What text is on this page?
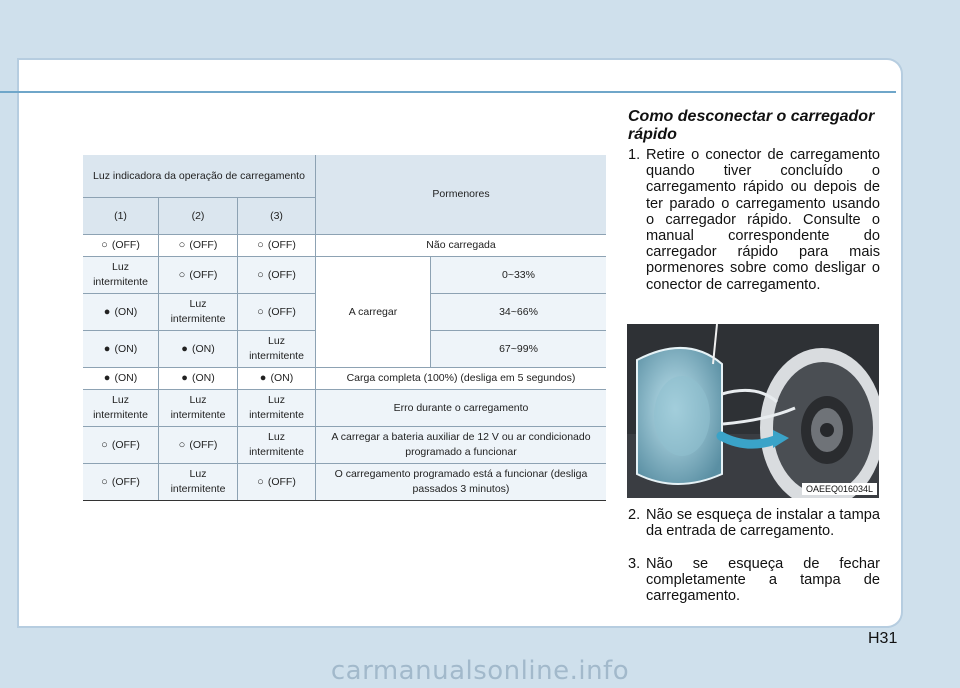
Luz indicadora da operação de carregamento			Pormenores	
(1)	(2)	(3)		
○ (OFF)	○ (OFF)	○ (OFF)	Não carregada	
Luz intermitente	○ (OFF)	○ (OFF)	A carregar	0~33%
● (ON)	Luz intermitente	○ (OFF)		34~66%
● (ON)	● (ON)	Luz intermitente		67~99%
● (ON)	● (ON)	● (ON)	Carga completa (100%) (desliga em 5 segundos)	
Luz intermitente	Luz intermitente	Luz intermitente	Erro durante o carregamento	
○ (OFF)	○ (OFF)	Luz intermitente	A carregar a bateria auxiliar de 12 V ou ar condicionado programado a funcionar	
○ (OFF)	Luz intermitente	○ (OFF)	O carregamento programado está a funcionar (desliga passados 3 minutos)	
Como desconectar o carregador rápido
1. Retire o conector de carregamento quando tiver concluído o carregamento rápido ou depois de ter parado o carregamento usando o carregador rápido. Consulte o manual correspondente do carregador rápido para mais pormenores sobre como desligar o conector de carregamento.
OAEEQ016034L
2. Não se esqueça de instalar a tampa da entrada de carregamento.
3. Não se esqueça de fechar completamente a tampa de carregamento.
H31
carmanualsonline.info
